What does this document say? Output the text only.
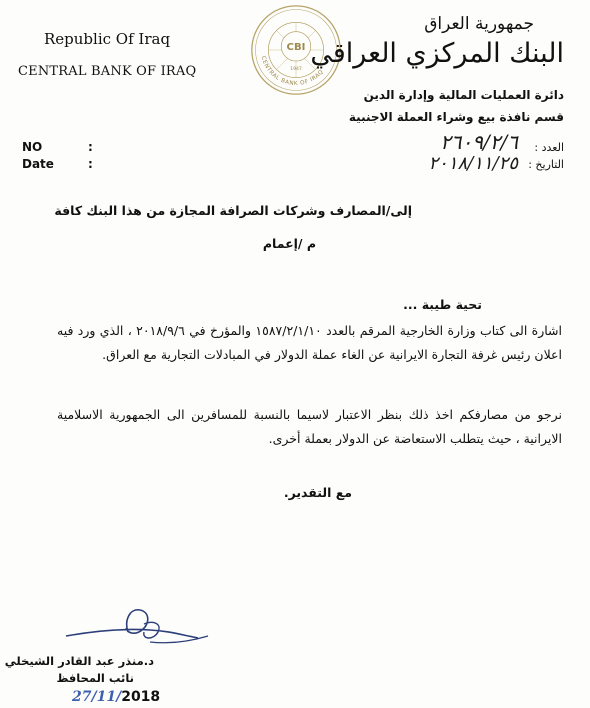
Republic Of Iraq
CENTRAL BANK OF IRAQ
CBI
1947
CENTRAL BANK OF IRAQ
جمهورية العراق
البنك المركزي العراقي
دائرة العمليات المالية وإدارة الدين
قسم نافذة بيع وشراء العملة الاجنبية
NO	:
Date	:
العدد :
التاريخ :
٢٦٠٩/٢/٦
٢٠١٨/١١/٢٥
إلى/المصارف وشركات الصرافة المجازة من هذا البنك كافة
م /إعمام
تحية طيبة ...
اشارة الى كتاب وزارة الخارجية المرقم بالعدد ١٥٨٧/٢/١/١٠ والمؤرخ في ٢٠١٨/٩/٦ ، الذي ورد فيه اعلان رئيس غرفة التجارة الايرانية عن الغاء عملة الدولار في المبادلات التجارية مع العراق.
نرجو من مصارفكم اخذ ذلك بنظر الاعتبار لاسيما بالنسبة للمسافرين الى الجمهورية الاسلامية الايرانية ، حيث يتطلب الاستعاضة عن الدولار بعملة أخرى.
مع التقدير.
د.منذر عبد القادر الشيخلي
نائب المحافظ
27/11/2018
